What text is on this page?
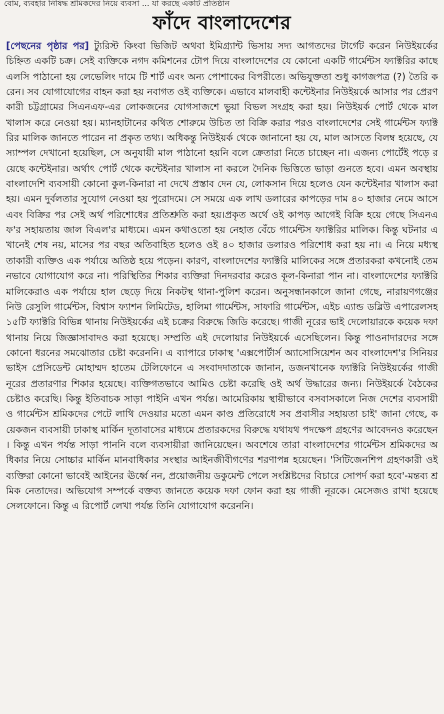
বোম, ব্যবহার নিষিদ্ধ শ্রমিকদের নিয়ে ব্যবসা ... যা করছে একটি প্রতিষ্ঠান
ফাঁদে বাংলাদেশের

[পেছনের পৃষ্ঠার পর] ট্যুরিস্ট কিংবা ভিজিট অথবা ইমিগ্র্যান্ট ভিসায় সদ্য আগতদের টার্গেট করেন নিউইয়র্কের চিহ্নিত একটি চক্র। সেই ব্যক্তিকে নগদ কমিশনের টোপ দিয়ে বাংলাদেশের যে কোনো একটি গার্মেন্টস ফ্যাক্টরির কাছে এলসি পাঠানো হয় লেভেলিং দামে টি শার্ট এবং অন্য পোশাকের বিপরীতে। অভিযুক্ততা শুধু কাগজপত্র (?) তৈরি করেন। সব যোগাযোগের বাহন করা হয় নবাগত ওই ব্যক্তিকে। এভাবে মালবাহী কন্টেইনার নিউইয়র্কে আসার পর প্রেরণকারী চট্টগ্রামের সিএনএফ-এর লোকজনের যোগসাজশে ভুয়া বিভল সংগ্রহ করা হয়। নিউইয়র্ক পোর্ট থেকে মাল খালাস করে নেওয়া হয়। ম্যানহাটানের কথিত শোরুমে উচিত তা বিক্রি করার পরও বাংলাদেশের সেই গার্মেন্টস ফ্যাক্টরির মালিক জানতে পারেন না প্রকৃত তথ্য। অধিকন্তু নিউইয়র্ক থেকে জানানো হয় যে, মাল আসতে বিলম্ব হয়েছে, যে স্যাম্পল দেখানো হয়েছিল, সে অনুযায়ী মাল পাঠানো হয়নি বলে ক্রেতারা নিতে চাচ্ছেন না। এজন্য পোর্টেই পড়ে রয়েছে কন্টেইনার। অর্থাৎ পোর্ট থেকে কন্টেইনার খালাস না করলে দৈনিক ভিত্তিতে ভাড়া গুনতে হবে। এমন অবস্থায় বাংলাদেশি ব্যবসায়ী কোনো কুল-কিনারা না দেখে প্রস্তাব দেন যে, লোকসান দিয়ে হলেও যেন কন্টেইনার খালাস করা হয়। এমন দুর্বলতার সুযোগ নেওয়া হয় পুরোদমে। সে সময়ে এক লাখ ডলারের কাপড়ের দাম ৪০ হাজার নেমে আসে এবং বিক্রির পর সেই অর্থ পরিশোধের প্রতিশ্রুতি করা হয়।প্রকৃত অর্থে ওই কাপড় আগেই বিক্রি হয়ে গেছে সিএনএফ'র সহায়তায় জাল বিএল'র মাধ্যমে। এমন কথাওতো হয় নেহাত বেঁচে গার্মেন্টস ফ্যাক্টরির মালিক। কিন্তু ঘটনার এখানেই শেষ নয়, মাসের পর বছর অতিবাহিত হলেও ওই ৪০ হাজার ডলারও পরিশোধ করা হয় না। এ নিয়ে মধ্যস্থতাকারী ব্যক্তিও এক পর্যায়ে অতিষ্ঠ হয়ে পড়েন। কারণ, বাংলাদেশের ফ্যাক্টরি মালিকের সঙ্গে প্রতারকরা কখনোই তেমনভাবে যোগাযোগ করে না। পরিস্থিতির শিকার ব্যক্তিরা দিনদরবার করেও কূল-কিনারা পান না। বাংলাদেশের ফ্যাক্টরি মালিকেরাও এক পর্যায়ে হাল ছেড়ে দিয়ে নিকটস্থ থানা-পুলিশ করেন। অনুসন্ধানকালে জানা গেছে, নারায়ণগঞ্জের নিউ রেসুলি গার্মেন্টস, বিশ্বাস ফ্যাশন লিমিটেড, হালিমা গার্মেন্টস, সাফারি গার্মেন্টস, এইচ এ্যান্ড ডব্লিউ এপারেলসহ ১৫টি ফ্যাক্টরি বিভিন্ন থানায় নিউইয়র্কের এই চক্রের বিরুদ্ধে জিডি করেছে। গাজী নূরের ভাই দেলোয়ারকে কয়েক দফা থানায় নিয়ে জিজ্ঞাসাবাদও করা হয়েছে। সম্প্রতি এই দেলোয়ার নিউইয়র্কে এসেছিলেন। কিন্তু পাওনাদারদের সঙ্গে কোনো ধরনের সমঝোতার চেষ্টা করেননি। এ ব্যাপারে ঢাকাস্থ 'এক্সপোর্টার্স অ্যাসোসিয়েশন অব বাংলাদেশ'র সিনিয়র ভাইস প্রেসিডেন্ট মোহাম্মদ হাতেম টেলিফোনে এ সংবাদদাতাকে জানান, ডজনখানেক ফ্যাক্টরি নিউইয়র্কের গাজী নূরের প্রতারণার শিকার হয়েছে। ব্যক্তিগতভাবে আমিও চেষ্টা করেছি ওই অর্থ উদ্ধারের জন্য। নিউইয়র্কে বৈঠকের চেষ্টাও করেছি। কিন্তু ইতিবাচক সাড়া পাইনি এখন পর্যন্ত। আমেরিকায় স্থায়ীভাবে বসবাসকালে নিজ দেশের ব্যবসায়ী ও গার্মেন্টস শ্রমিকদের পেটে লাথি দেওয়ার মতো এমন কাণ্ড প্রতিরোধে সব প্রবাসীর সহায়তা চাই' জানা গেছে, কয়েকজন ব্যবসায়ী ঢাকাস্থ মার্কিন দূতাবাসের মাধ্যমে প্রতারকদের বিরুদ্ধে যথাযথ পদক্ষেপ গ্রহণের আবেদনও করেছেন। কিন্তু এখন পর্যন্ত সাড়া পাননি বলে ব্যবসায়ীরা জানিয়েছেন। অবশেষে তারা বাংলাদেশের গার্মেন্টস শ্রমিকদের অধিকার নিয়ে সোচ্চার মার্কিন মানবাধিকার সংস্থার আইনজীবীগণের শরণাপন্ন হয়েছেন। 'সিটিজেনশিপ গ্রহণকারী ওই ব্যক্তিরা কোনো ভাবেই আইনের ঊর্ধ্বে নন, প্রয়োজনীয় ডকুমেন্ট পেলে সংশ্লিষ্টদের বিচারে সোপর্দ করা হবে'-মন্তব্য শ্রমিক নেতাদের। অভিযোগ সম্পর্কে বক্তব্য জানতে কয়েক দফা ফোন করা হয় গাজী নূরকে। মেসেজও রাখা হয়েছে সেলফোনে। কিন্তু এ রিপোর্ট লেখা পর্যন্ত তিনি যোগাযোগ করেননি।
